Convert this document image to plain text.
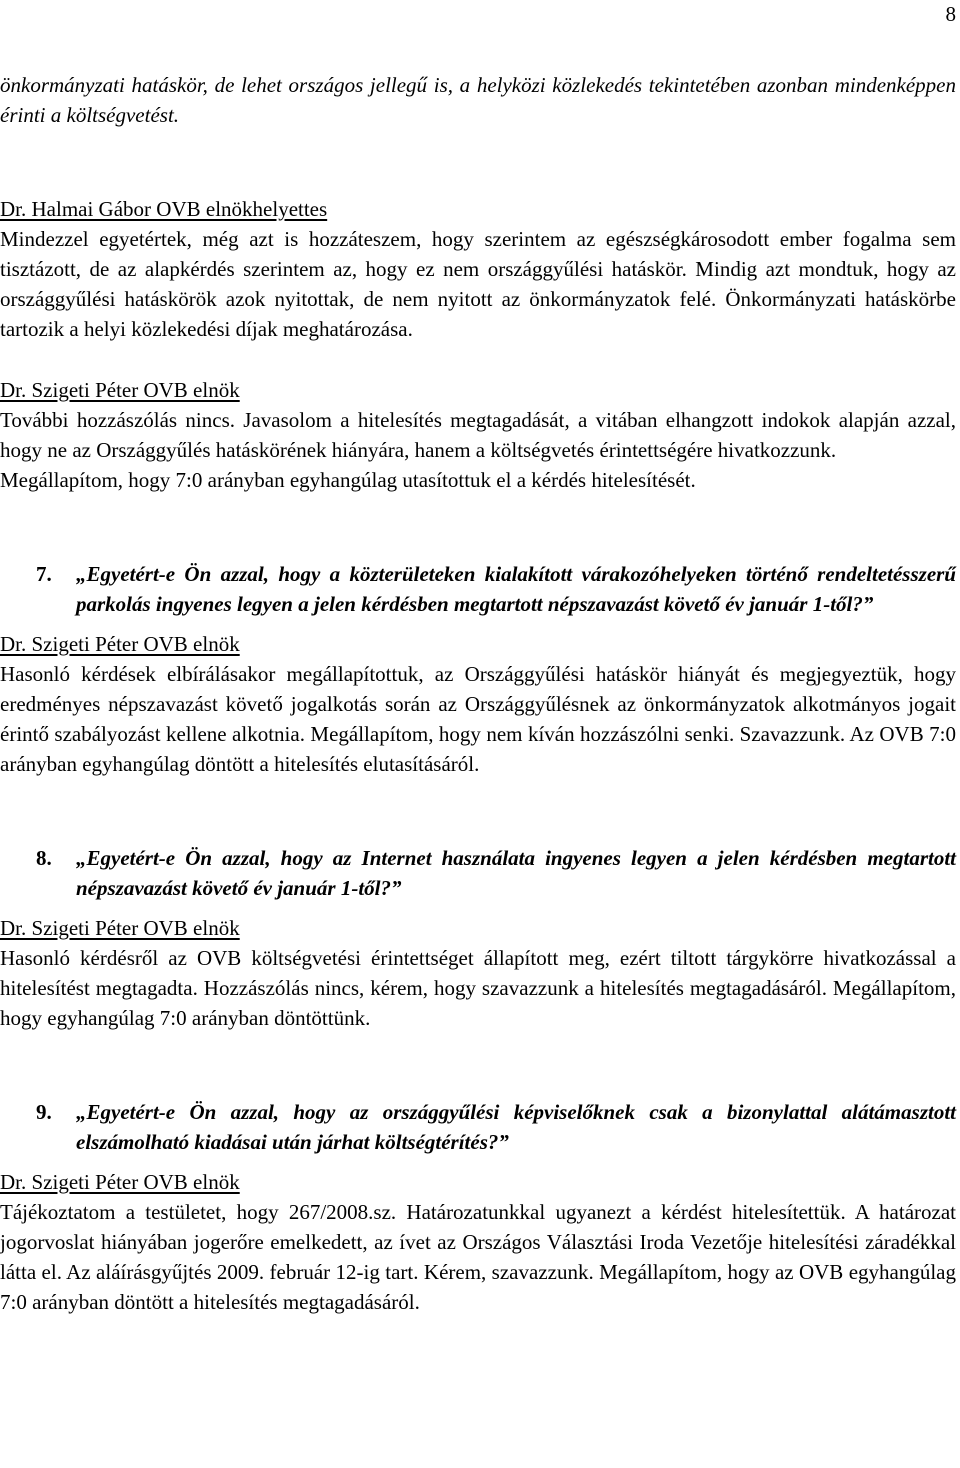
8

önkormányzati hatáskör, de lehet országos jellegű is, a helyközi közlekedés tekintetében azonban mindenképpen érinti a költségvetést.

Dr. Halmai Gábor OVB elnökhelyettes

Mindezzel egyetértek, még azt is hozzáteszem, hogy szerintem az egészségkárosodott ember fogalma sem tisztázott, de az alapkérdés szerintem az, hogy ez nem országgyűlési hatáskör. Mindig azt mondtuk, hogy az országgyűlési hatáskörök azok nyitottak, de nem nyitott az önkormányzatok felé. Önkormányzati hatáskörbe tartozik a helyi közlekedési díjak meghatározása.

Dr. Szigeti Péter OVB elnök

További hozzászólás nincs. Javasolom a hitelesítés megtagadását, a vitában elhangzott indokok alapján azzal, hogy ne az Országgyűlés hatáskörének hiányára, hanem a költségvetés érintettségére hivatkozzunk.

Megállapítom, hogy 7:0 arányban egyhangúlag utasítottuk el a kérdés hitelesítését.

7.	„Egyetért-e Ön azzal, hogy a közterületeken kialakított várakozóhelyeken történő rendeltetésszerű parkolás ingyenes legyen a jelen kérdésben megtartott népszavazást követő év január 1-től?”
Dr. Szigeti Péter OVB elnök

Hasonló kérdések elbírálásakor megállapítottuk, az Országgyűlési hatáskör hiányát és megjegyeztük, hogy eredményes népszavazást követő jogalkotás során az Országgyűlésnek az önkormányzatok alkotmányos jogait érintő szabályozást kellene alkotnia. Megállapítom, hogy nem kíván hozzászólni senki. Szavazzunk. Az OVB 7:0 arányban egyhangúlag döntött a hitelesítés elutasításáról.

8.	„Egyetért-e Ön azzal, hogy az Internet használata ingyenes legyen a jelen kérdésben megtartott népszavazást követő év január 1-től?”
Dr. Szigeti Péter OVB elnök

Hasonló kérdésről az OVB költségvetési érintettséget állapított meg, ezért tiltott tárgykörre hivatkozással a hitelesítést megtagadta. Hozzászólás nincs, kérem, hogy szavazzunk a hitelesítés megtagadásáról. Megállapítom, hogy egyhangúlag 7:0 arányban döntöttünk.

9.	„Egyetért-e Ön azzal, hogy az országgyűlési képviselőknek csak a bizonylattal alátámasztott elszámolható kiadásai után járhat költségtérítés?”
Dr. Szigeti Péter OVB elnök

Tájékoztatom a testületet, hogy 267/2008.sz. Határozatunkkal ugyanezt a kérdést hitelesítettük. A határozat jogorvoslat hiányában jogerőre emelkedett, az ívet az Országos Választási Iroda Vezetője hitelesítési záradékkal látta el. Az aláírásgyűjtés 2009. február 12-ig tart. Kérem, szavazzunk. Megállapítom, hogy az OVB egyhangúlag 7:0 arányban döntött a hitelesítés megtagadásáról.
